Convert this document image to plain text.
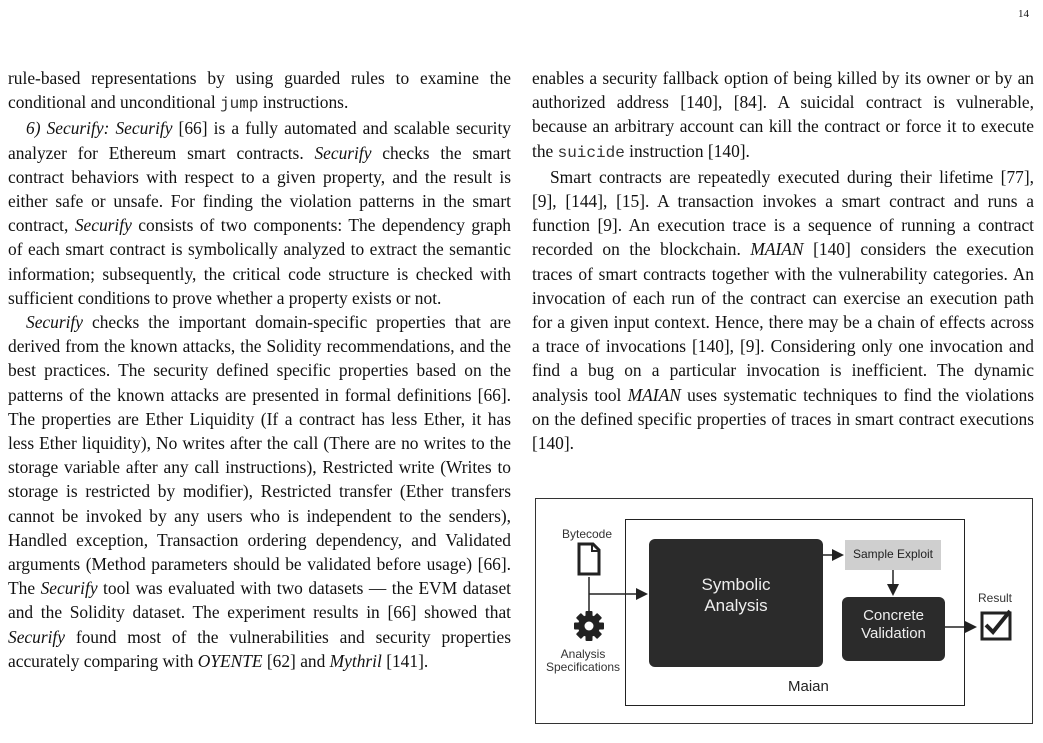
14

rule-based representations by using guarded rules to examine the conditional and unconditional jump instructions.

6) Securify: Securify [66] is a fully automated and scalable security analyzer for Ethereum smart contracts. Securify checks the smart contract behaviors with respect to a given property, and the result is either safe or unsafe. For finding the violation patterns in the smart contract, Securify consists of two components: The dependency graph of each smart contract is symbolically analyzed to extract the semantic information; subsequently, the critical code structure is checked with sufficient conditions to prove whether a property exists or not.

Securify checks the important domain-specific properties that are derived from the known attacks, the Solidity recommendations, and the best practices. The security defined specific properties based on the patterns of the known attacks are presented in formal definitions [66]. The properties are Ether Liquidity (If a contract has less Ether, it has less Ether liquidity), No writes after the call (There are no writes to the storage variable after any call instructions), Restricted write (Writes to storage is restricted by modifier), Restricted transfer (Ether transfers cannot be invoked by any users who is independent to the senders), Handled exception, Transaction ordering dependency, and Validated arguments (Method parameters should be validated before usage) [66]. The Securify tool was evaluated with two datasets — the EVM dataset and the Solidity dataset. The experiment results in [66] showed that Securify found most of the vulnerabilities and security properties accurately comparing with OYENTE [62] and Mythril [141].

enables a security fallback option of being killed by its owner or by an authorized address [140], [84]. A suicidal contract is vulnerable, because an arbitrary account can kill the contract or force it to execute the suicide instruction [140].

Smart contracts are repeatedly executed during their lifetime [77], [9], [144], [15]. A transaction invokes a smart contract and runs a function [9]. An execution trace is a sequence of running a contract recorded on the blockchain. MAIAN [140] considers the execution traces of smart contracts together with the vulnerability categories. An invocation of each run of the contract can exercise an execution path for a given input context. Hence, there may be a chain of effects across a trace of invocations [140], [9]. Considering only one invocation and find a bug on a particular invocation is inefficient. The dynamic analysis tool MAIAN uses systematic techniques to find the violations on the defined specific properties of traces in smart contract executions [140].

Maian
Bytecode
Analysis
Specifications
Symbolic
Analysis
Sample Exploit
Concrete
Validation
Result
